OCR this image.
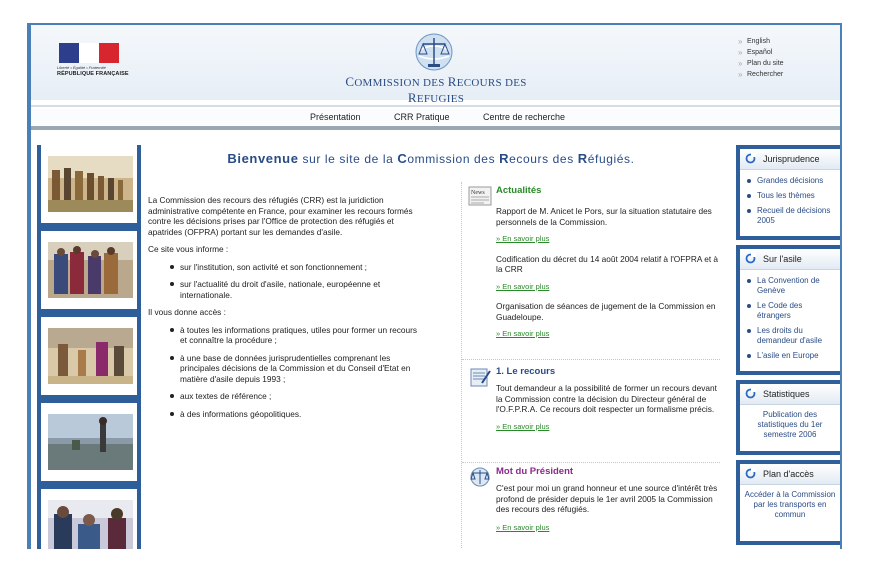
Liberté • Égalité • Fraternité
RÉPUBLIQUE FRANÇAISE	COMMISSION DES RECOURS DES REFUGIES
» English
» Español
» Plan du site
» Rechercher
Présentation	CRR Pratique	Centre de recherche
Bienvenue sur le site de la Commission des Recours des Réfugiés.

La Commission des recours des réfugiés (CRR) est la juridiction administrative compétente en France, pour examiner les recours formés contre les décisions prises par l'Office de protection des réfugiés et apatrides (OFPRA) portant sur les demandes d'asile.

Ce site vous informe :

sur l'institution, son activité et son fonctionnement ;
sur l'actualité du droit d'asile, nationale, européenne et internationale.

Il vous donne accès :

à toutes les informations pratiques, utiles pour former un recours et connaître la procédure ;
à une base de données jurisprudentielles comprenant les principales décisions de la Commission et du Conseil d'Etat en matière d'asile depuis 1993 ;
aux textes de référence ;
à des informations géopolitiques.
News Actualités

Rapport de M. Anicet le Pors, sur la situation statutaire des personnels de la Commission.

» En savoir plus

Codification du décret du 14 août 2004 relatif à l'OFPRA et à la CRR

» En savoir plus

Organisation de séances de jugement de la Commission en Guadeloupe.

» En savoir plus

1. Le recours

Tout demandeur a la possibilité de former un recours devant la Commission contre la décision du Directeur général de l'O.F.P.R.A. Ce recours doit respecter un formalisme précis.

» En savoir plus

Mot du Président

C'est pour moi un grand honneur et une source d'intérêt très profond de présider depuis le 1er avril 2005 la Commission des recours des réfugiés.

» En savoir plus

Jurisprudence
Grandes décisions
Tous les thèmes
Recueil de décisions 2005
Sur l'asile
La Convention de Genève
Le Code des étrangers
Les droits du demandeur d'asile
L'asile en Europe
Statistiques
Publication des statistiques du 1er semestre 2006
Plan d'accès
Accéder à la Commission par les transports en commun
